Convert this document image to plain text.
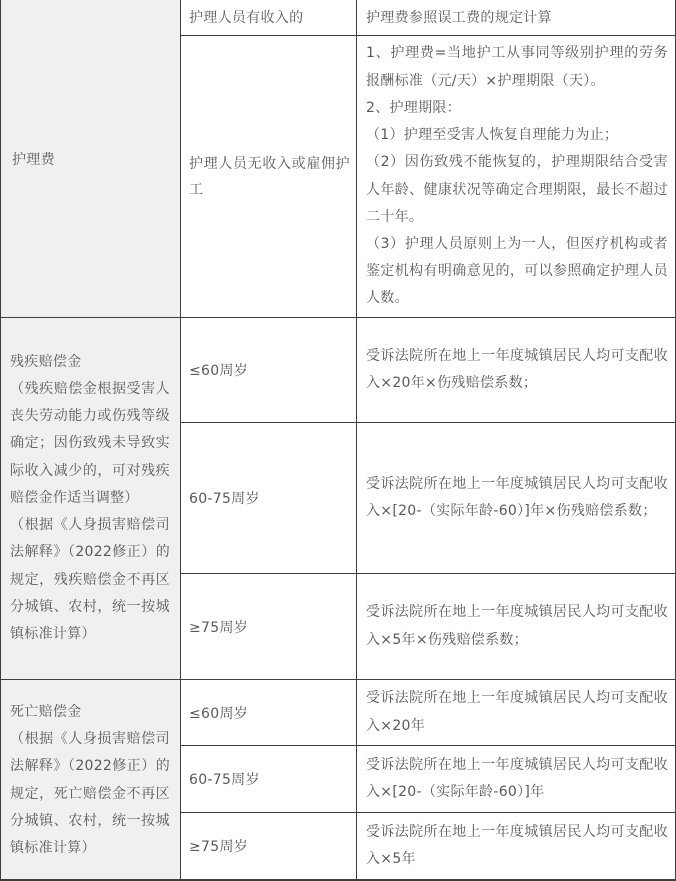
护理费
护理人员有收入的	护理费参照误工费的规定计算
护理人员无收入或雇佣护工
1、护理费=当地护工从事同等级别护理的劳务报酬标准（元/天）×护理期限（天）。
2、护理期限：
（1）护理至受害人恢复自理能力为止；
（2）因伤致残不能恢复的，护理期限结合受害人年龄、健康状况等确定合理期限，最长不超过二十年。
（3）护理人员原则上为一人，但医疗机构或者鉴定机构有明确意见的，可以参照确定护理人员人数。
残疾赔偿金
（残疾赔偿金根据受害人丧失劳动能力或伤残等级确定；因伤致残未导致实际收入减少的，可对残疾赔偿金作适当调整）
（根据《人身损害赔偿司法解释》（2022修正）的规定，残疾赔偿金不再区分城镇、农村，统一按城镇标准计算）
≤60周岁
受诉法院所在地上一年度城镇居民人均可支配收入×20年×伤残赔偿系数；
60-75周岁
受诉法院所在地上一年度城镇居民人均可支配收入×[20-（实际年龄-60）]年×伤残赔偿系数；
≥75周岁
受诉法院所在地上一年度城镇居民人均可支配收入×5年×伤残赔偿系数；
死亡赔偿金
（根据《人身损害赔偿司法解释》（2022修正）的规定，死亡赔偿金不再区分城镇、农村，统一按城镇标准计算）
≤60周岁
受诉法院所在地上一年度城镇居民人均可支配收入×20年
60-75周岁
受诉法院所在地上一年度城镇居民人均可支配收入×[20-（实际年龄-60）]年
≥75周岁
受诉法院所在地上一年度城镇居民人均可支配收入×5年
